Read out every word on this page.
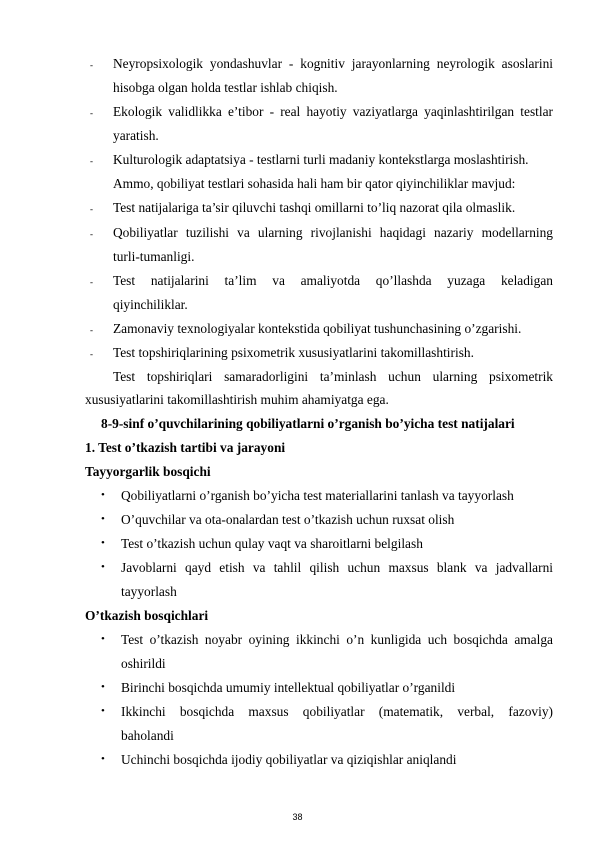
- Neyropsixologik yondashuvlar - kognitiv jarayonlarning neyrologik asoslarini
hisobga olgan holda testlar ishlab chiqish.
- Ekologik validlikka e’tibor - real hayotiy vaziyatlarga yaqinlashtirilgan testlar
yaratish.
- Kulturologik adaptatsiya - testlarni turli madaniy kontekstlarga moslashtirish.
Ammo, qobiliyat testlari sohasida hali ham bir qator qiyinchiliklar mavjud:
- Test natijalariga ta’sir qiluvchi tashqi omillarni to’liq nazorat qila olmaslik.
- Qobiliyatlar tuzilishi va ularning rivojlanishi haqidagi nazariy modellarning
turli-tumanligi.
- Test natijalarini ta’lim va amaliyotda qo’llashda yuzaga keladigan
qiyinchiliklar.
- Zamonaviy texnologiyalar kontekstida qobiliyat tushunchasining o’zgarishi.
- Test topshiriqlarining psixometrik xususiyatlarini takomillashtirish.
Test topshiriqlari samaradorligini ta’minlash uchun ularning psixometrik
xususiyatlarini takomillashtirish muhim ahamiyatga ega.
8-9-sinf o’quvchilarining qobiliyatlarni o’rganish bo’yicha test natijalari
1. Test o’tkazish tartibi va jarayoni
Tayyorgarlik bosqichi
• Qobiliyatlarni o’rganish bo’yicha test materiallarini tanlash va tayyorlash
• O’quvchilar va ota-onalardan test o’tkazish uchun ruxsat olish
• Test o’tkazish uchun qulay vaqt va sharoitlarni belgilash
• Javoblarni qayd etish va tahlil qilish uchun maxsus blank va jadvallarni
tayyorlash
O’tkazish bosqichlari
• Test o’tkazish noyabr oyining ikkinchi o’n kunligida uch bosqichda amalga
oshirildi
• Birinchi bosqichda umumiy intellektual qobiliyatlar o’rganildi
• Ikkinchi bosqichda maxsus qobiliyatlar (matematik, verbal, fazoviy)
baholandi
• Uchinchi bosqichda ijodiy qobiliyatlar va qiziqishlar aniqlandi
38
